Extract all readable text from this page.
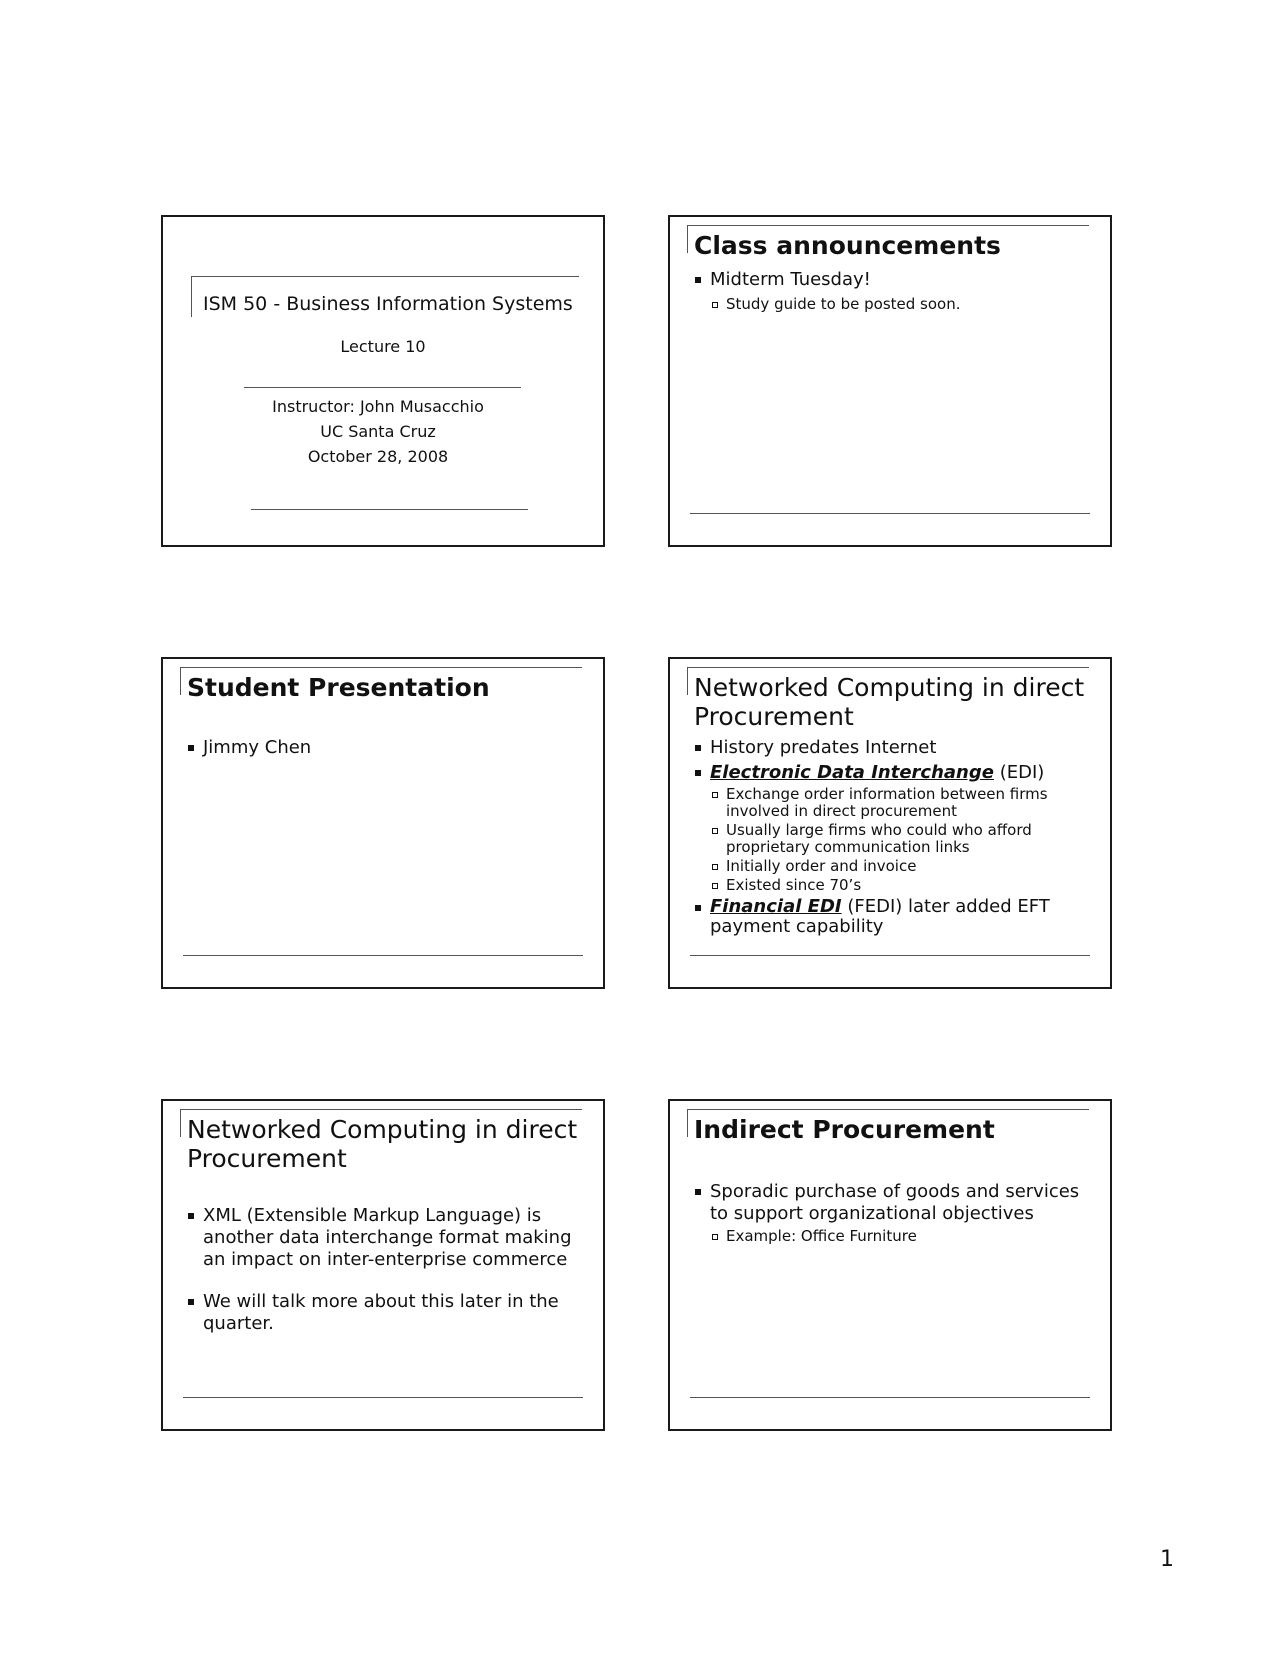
ISM 50 - Business Information Systems
Lecture 10
Instructor: John Musacchio
UC Santa Cruz
October 28, 2008
Class announcements
Midterm Tuesday!
Study guide to be posted soon.
Student Presentation
Jimmy Chen
Networked Computing in direct Procurement
History predates Internet
Electronic Data Interchange (EDI)
Exchange order information between firms involved in direct procurement
Usually large firms who could who afford proprietary communication links
Initially order and invoice
Existed since 70’s
Financial EDI (FEDI) later added EFT payment capability
Networked Computing in direct Procurement
XML (Extensible Markup Language) is another data interchange format making an impact on inter-enterprise commerce
We will talk more about this later in the quarter.
Indirect Procurement
Sporadic purchase of goods and services to support organizational objectives
Example: Office Furniture
1
